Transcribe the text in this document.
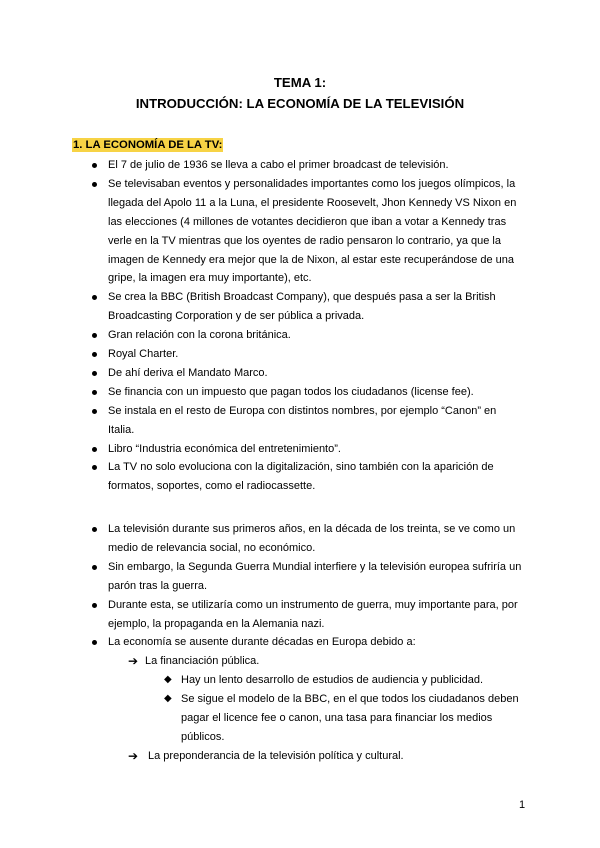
TEMA 1:
INTRODUCCIÓN: LA ECONOMÍA DE LA TELEVISIÓN
1. LA ECONOMÍA DE LA TV:
El 7 de julio de 1936 se lleva a cabo el primer broadcast de televisión.
Se televisaban eventos y personalidades importantes como los juegos olímpicos, la
llegada del Apolo 11 a la Luna, el presidente Roosevelt, Jhon Kennedy VS Nixon en
las elecciones (4 millones de votantes decidieron que iban a votar a Kennedy tras
verle en la TV mientras que los oyentes de radio pensaron lo contrario, ya que la
imagen de Kennedy era mejor que la de Nixon, al estar este recuperándose de una
gripe, la imagen era muy importante), etc.
Se crea la BBC (British Broadcast Company), que después pasa a ser la British
Broadcasting Corporation y de ser pública a privada.
Gran relación con la corona británica.
Royal Charter.
De ahí deriva el Mandato Marco.
Se financia con un impuesto que pagan todos los ciudadanos (license fee).
Se instala en el resto de Europa con distintos nombres, por ejemplo “Canon” en
Italia.
Libro “Industria económica del entretenimiento”.
La TV no solo evoluciona con la digitalización, sino también con la aparición de
formatos, soportes, como el radiocassette.
La televisión durante sus primeros años, en la década de los treinta, se ve como un
medio de relevancia social, no económico.
Sin embargo, la Segunda Guerra Mundial interfiere y la televisión europea sufriría un
parón tras la guerra.
Durante esta, se utilizaría como un instrumento de guerra, muy importante para, por
ejemplo, la propaganda en la Alemania nazi.
La economía se ausente durante décadas en Europa debido a:
➔ La financiación pública.
◆ Hay un lento desarrollo de estudios de audiencia y publicidad.
◆ Se sigue el modelo de la BBC, en el que todos los ciudadanos deben
pagar el licence fee o canon, una tasa para financiar los medios
públicos.
➔ La preponderancia de la televisión política y cultural.
1
